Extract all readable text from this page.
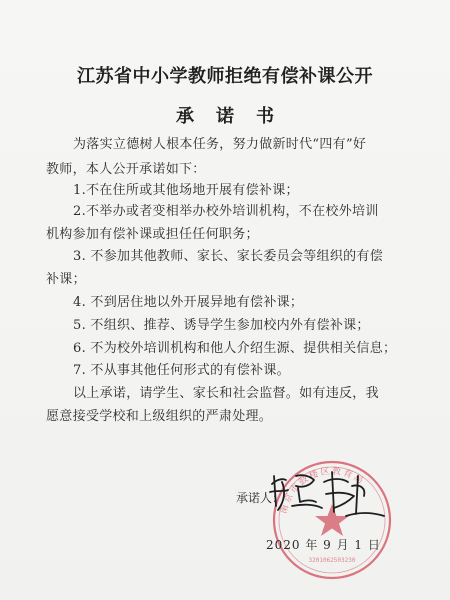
江苏省中小学教师拒绝有偿补课公开
承诺书
为落实立德树人根本任务，努力做新时代“四有”好
教师，本人公开承诺如下：
1.不在住所或其他场地开展有偿补课；
2.不举办或者变相举办校外培训机构，不在校外培训
机构参加有偿补课或担任任何职务；
3. 不参加其他教师、家长、家长委员会等组织的有偿
补课；
4. 不到居住地以外开展异地有偿补课；
5. 不组织、推荐、诱导学生参加校内外有偿补课；
6. 不为校外培训机构和他人介绍生源、提供相关信息；
7. 不从事其他任何形式的有偿补课。
以上承诺，请学生、家长和社会监督。如有违反，我
愿意接受学校和上级组织的严肃处理。
南京市鼓楼区教育局
3201062503230
承诺人：
2020 年 9 月 1 日
